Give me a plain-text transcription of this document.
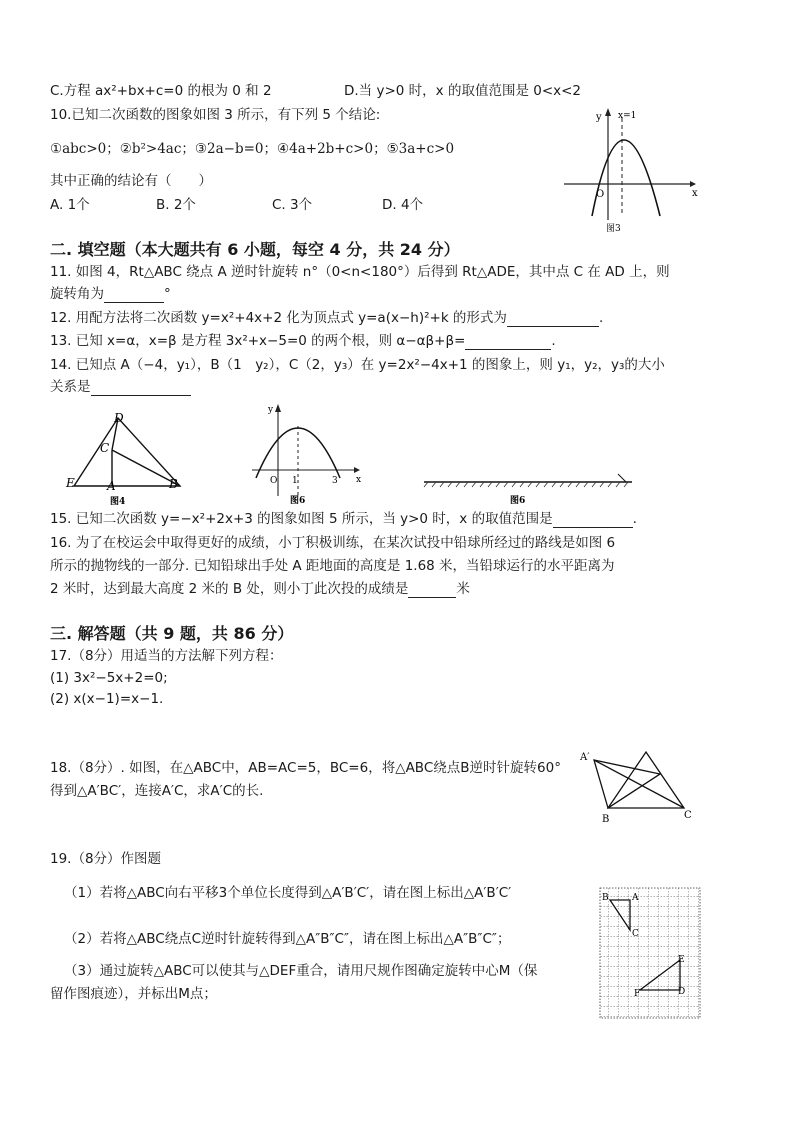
C.方程 ax²+bx+c=0 的根为 0 和 2	D.当 y>0 时，x 的取值范围是 0<x<2
10.已知二次函数的图象如图 3 所示，有下列 5 个结论:
①abc>0；②b²>4ac；③2a−b=0；④4a+2b+c>0；⑤3a+c>0
其中正确的结论有（　　）
A. 1个	B. 2个	C. 3个	D. 4个
y x=1
x
O
图3
二. 填空题（本大题共有 6 小题，每空 4 分，共 24 分）
11. 如图 4，Rt△ABC 绕点 A 逆时针旋转 n°（0<n<180°）后得到 Rt△ADE，其中点 C 在 AD 上，则
旋转角为	°
12. 用配方法将二次函数 y=x²+4x+2 化为顶点式 y=a(x−h)²+k 的形式为	.
13. 已知 x=α，x=β 是方程 3x²+x−5=0 的两个根，则 α−αβ+β=	.
14. 已知点 A（−4，y₁），B（1　y₂），C（2，y₃）在 y=2x²−4x+1 的图象上，则 y₁，y₂，y₃的大小
关系是
D
C
E	A	B
图4
y
x
O 1	3
图6	图6
15. 已知二次函数 y=−x²+2x+3 的图象如图 5 所示，当 y>0 时，x 的取值范围是	.
16. 为了在校运会中取得更好的成绩，小丁积极训练，在某次试投中铅球所经过的路线是如图 6
所示的抛物线的一部分. 已知铅球出手处 A 距地面的高度是 1.68 米，当铅球运行的水平距离为
2 米时，达到最大高度 2 米的 B 处，则小丁此次投的成绩是	米
三. 解答题（共 9 题，共 86 分）
17.（8分）用适当的方法解下列方程：
(1) 3x²−5x+2=0;
(2) x(x−1)=x−1.
18.（8分）. 如图，在△ABC中，AB=AC=5，BC=6，将△ABC绕点B逆时针旋转60°
得到△A′BC′，连接A′C，求A′C的长.
A′
B	C
19.（8分）作图题
（1）若将△ABC向右平移3个单位长度得到△A′B′C′，请在图上标出△A′B′C′
（2）若将△ABC绕点C逆时针旋转得到△A″B″C″，请在图上标出△A″B″C″；
（3）通过旋转△ABC可以使其与△DEF重合，请用尺规作图确定旋转中心M（保
留作图痕迹），并标出M点；
B	A
C
E
F	D
